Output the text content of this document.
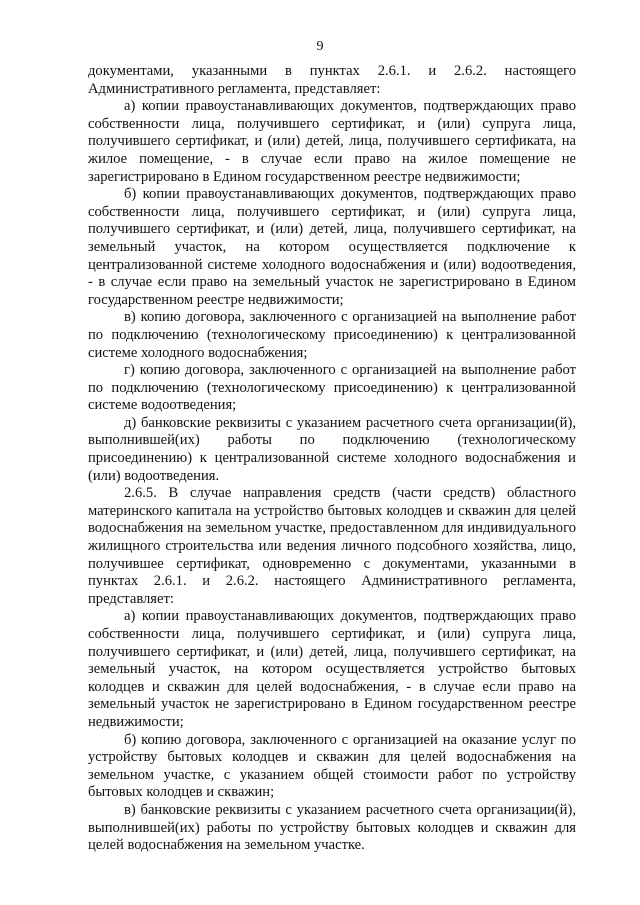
9

документами, указанными в пунктах 2.6.1. и 2.6.2. настоящего Административного регламента, представляет:

а) копии правоустанавливающих документов, подтверждающих право собственности лица, получившего сертификат, и (или) супруга лица, получившего сертификат, и (или) детей, лица, получившего сертификата, на жилое помещение, - в случае если право на жилое помещение не зарегистрировано в Едином государственном реестре недвижимости;

б) копии правоустанавливающих документов, подтверждающих право собственности лица, получившего сертификат, и (или) супруга лица, получившего сертификат, и (или) детей, лица, получившего сертификат, на земельный участок, на котором осуществляется подключение к централизованной системе холодного водоснабжения и (или) водоотведения, - в случае если право на земельный участок не зарегистрировано в Едином государственном реестре недвижимости;

в) копию договора, заключенного с организацией на выполнение работ по подключению (технологическому присоединению) к централизованной системе холодного водоснабжения;

г) копию договора, заключенного с организацией на выполнение работ по подключению (технологическому присоединению) к централизованной системе водоотведения;

д) банковские реквизиты с указанием расчетного счета организации(й), выполнившей(их) работы по подключению (технологическому присоединению) к централизованной системе холодного водоснабжения и (или) водоотведения.

2.6.5. В случае направления средств (части средств) областного материнского капитала на устройство бытовых колодцев и скважин для целей водоснабжения на земельном участке, предоставленном для индивидуального жилищного строительства или ведения личного подсобного хозяйства, лицо, получившее сертификат, одновременно с документами, указанными в пунктах 2.6.1. и 2.6.2. настоящего Административного регламента, представляет:

а) копии правоустанавливающих документов, подтверждающих право собственности лица, получившего сертификат, и (или) супруга лица, получившего сертификат, и (или) детей, лица, получившего сертификат, на земельный участок, на котором осуществляется устройство бытовых колодцев и скважин для целей водоснабжения, - в случае если право на земельный участок не зарегистрировано в Едином государственном реестре недвижимости;

б) копию договора, заключенного с организацией на оказание услуг по устройству бытовых колодцев и скважин для целей водоснабжения на земельном участке, с указанием общей стоимости работ по устройству бытовых колодцев и скважин;

в) банковские реквизиты с указанием расчетного счета организации(й), выполнившей(их) работы по устройству бытовых колодцев и скважин для целей водоснабжения на земельном участке.
